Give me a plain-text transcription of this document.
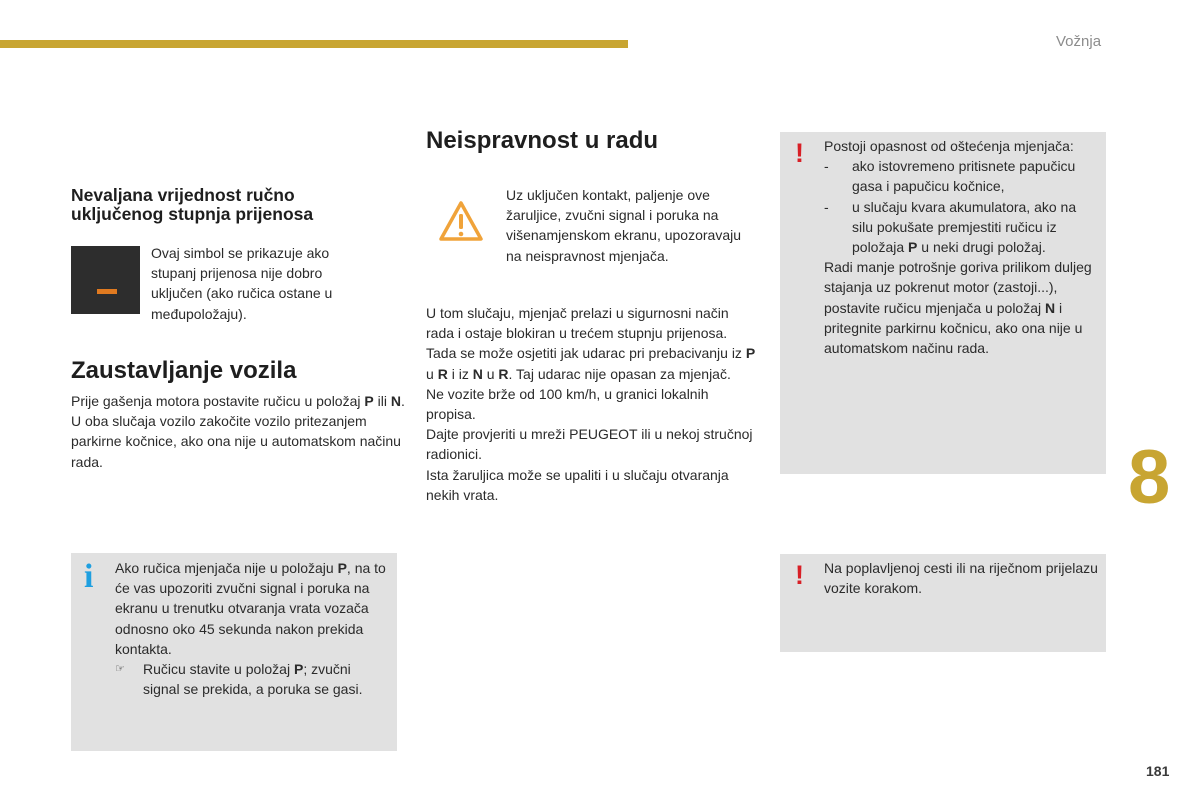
Vožnja
Nevaljana vrijednost ručno uključenog stupnja prijenosa

Ovaj simbol se prikazuje ako stupanj prijenosa nije dobro uključen (ako ručica ostane u međupoložaju).

Zaustavljanje vozila

Prije gašenja motora postavite ručicu u položaj P ili N.

U oba slučaja vozilo zakočite vozilo pritezanjem parkirne kočnice, ako ona nije u automatskom načinu rada.

i Ako ručica mjenjača nije u položaju P, na to će vas upozoriti zvučni signal i poruka na ekranu u trenutku otvaranja vrata vozača odnosno oko 45 sekunda nakon prekida kontakta.

☞	Ručicu stavite u položaj P; zvučni signal se prekida, a poruka se gasi.
Neispravnost u radu

Uz uključen kontakt, paljenje ove žaruljice, zvučni signal i poruka na višenamjenskom ekranu, upozoravaju na neispravnost mjenjača.

U tom slučaju, mjenjač prelazi u sigurnosni način rada i ostaje blokiran u trećem stupnju prijenosa. Tada se može osjetiti jak udarac pri prebacivanju iz P u R i iz N u R. Taj udarac nije opasan za mjenjač.

Ne vozite brže od 100 km/h, u granici lokalnih propisa.

Dajte provjeriti u mreži PEUGEOT ili u nekoj stručnoj radionici.

Ista žaruljica može se upaliti i u slučaju otvaranja nekih vrata.

! Postoji opasnost od oštećenja mjenjača:

-	ako istovremeno pritisnete papučicu gasa i papučicu kočnice,
-	u slučaju kvara akumulatora, ako na silu pokušate premjestiti ručicu iz položaja P u neki drugi položaj.

Radi manje potrošnje goriva prilikom duljeg stajanja uz pokrenut motor (zastoji...), postavite ručicu mjenjača u položaj N i pritegnite parkirnu kočnicu, ako ona nije u automatskom načinu rada.

! Na poplavljenoj cesti ili na riječnom prijelazu vozite korakom.

8
181
